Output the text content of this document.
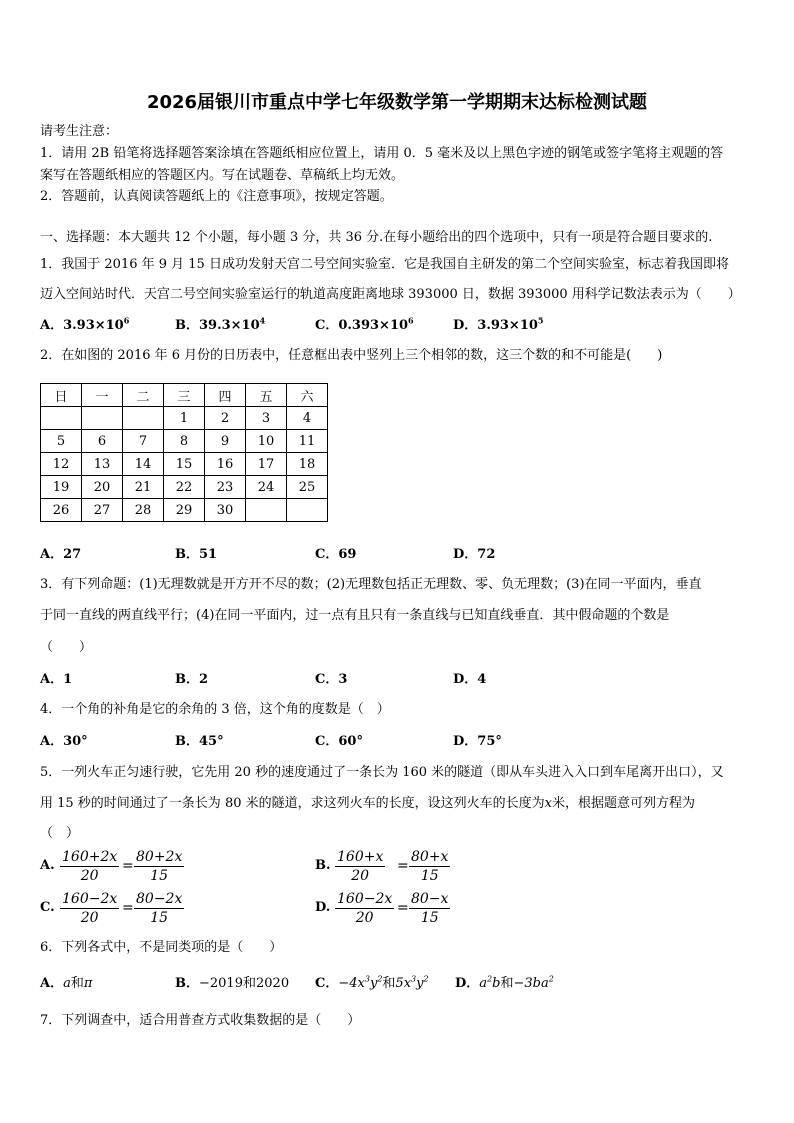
2026届银川市重点中学七年级数学第一学期期末达标检测试题
请考生注意：
1．请用 2B 铅笔将选择题答案涂填在答题纸相应位置上，请用 0．5 毫米及以上黑色字迹的钢笔或签字笔将主观题的答
案写在答题纸相应的答题区内。写在试题卷、草稿纸上均无效。
2．答题前，认真阅读答题纸上的《注意事项》，按规定答题。
一、选择题：本大题共 12 个小题，每小题 3 分，共 36 分.在每小题给出的四个选项中，只有一项是符合题目要求的.
1．我国于 2016 年 9 月 15 日成功发射天宫二号空间实验室．它是我国自主研发的第二个空间实验室，标志着我国即将
迈入空间站时代．天宫二号空间实验室运行的轨道高度距离地球 393000 日，数据 393000 用科学记数法表示为（　　）
A．$3.93\times 10^6$	B．$39.3\times 10^4$	C．$0.393\times 10^6$	D．$3.93\times 10^5$
2．在如图的 2016 年 6 月份的日历表中，任意框出表中竖列上三个相邻的数，这三个数的和不可能是(　　)
日	一	二	三	四	五	六
			1	2	3	4
5	6	7	8	9	10	11
12	13	14	15	16	17	18
19	20	21	22	23	24	25
26	27	28	29	30		
A．27	B．51	C．69	D．72
3．有下列命题：(1)无理数就是开方开不尽的数；(2)无理数包括正无理数、零、负无理数；(3)在同一平面内，垂直
于同一直线的两直线平行；(4)在同一平面内，过一点有且只有一条直线与已知直线垂直．其中假命题的个数是
（　　）
A．1	B．2	C．3	D．4
4．一个角的补角是它的余角的 3 倍，这个角的度数是（　）
A．30°	B．45°	C．60°	D．75°
5．一列火车正匀速行驶，它先用 20 秒的速度通过了一条长为 160 米的隧道（即从车头进入入口到车尾离开出口），又
用 15 秒的时间通过了一条长为 80 米的隧道，求这列火车的长度，设这列火车的长度为x米，根据题意可列方程为
（　）
A. $\frac{160+2x}{20} = \frac{80+2x}{15}$	B. $\frac{160+x}{20} = \frac{80+x}{15}$
C. $\frac{160-2x}{20} = \frac{80-2x}{15}$	D. $\frac{160-2x}{20} = \frac{80-x}{15}$
6．下列各式中，不是同类项的是（　　）
A．a和π	B．−2019和2020 C．$-4x^3y^2$和$5x^3y^2$ D．$a^2b$和$-3ba^2$
7．下列调查中，适合用普查方式收集数据的是（　　）
